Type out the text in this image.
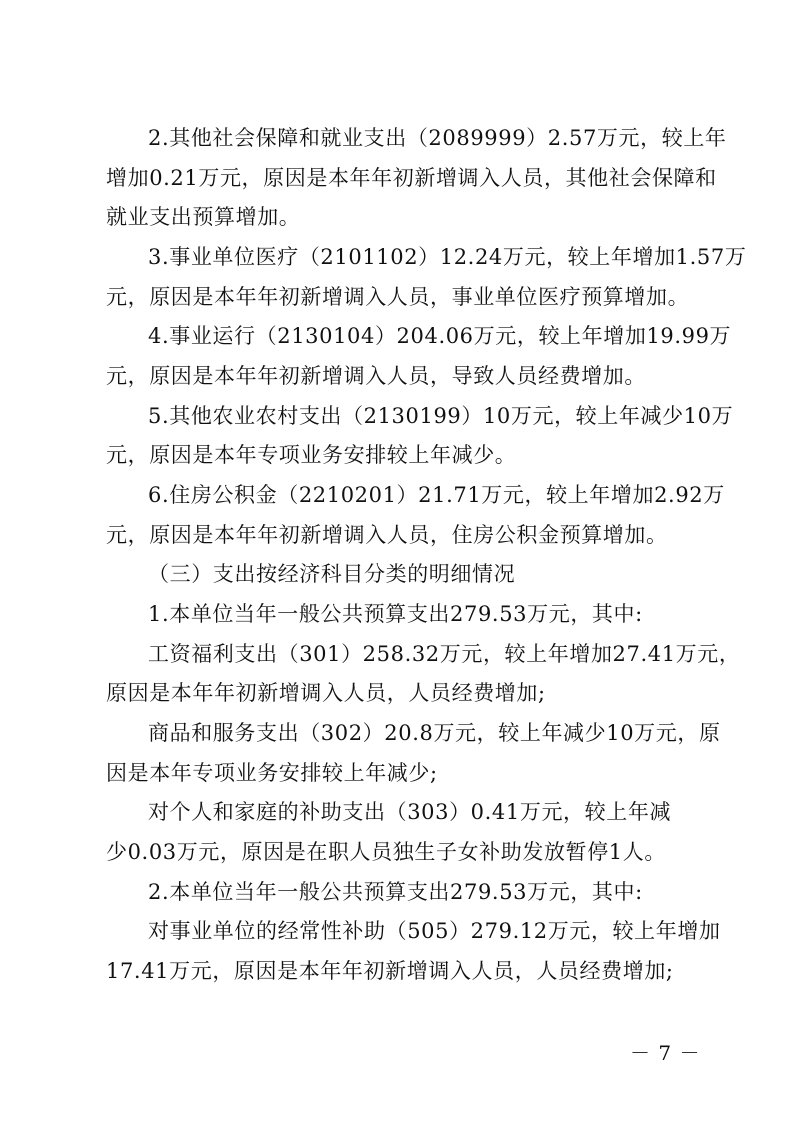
2.其他社会保障和就业支出（2089999）2.57万元，较上年
增加0.21万元，原因是本年年初新增调入人员，其他社会保障和
就业支出预算增加。
3.事业单位医疗（2101102）12.24万元，较上年增加1.57万
元，原因是本年年初新增调入人员，事业单位医疗预算增加。
4.事业运行（2130104）204.06万元，较上年增加19.99万
元，原因是本年年初新增调入人员，导致人员经费增加。
5.其他农业农村支出（2130199）10万元，较上年减少10万
元，原因是本年专项业务安排较上年减少。
6.住房公积金（2210201）21.71万元，较上年增加2.92万
元，原因是本年年初新增调入人员，住房公积金预算增加。
（三）支出按经济科目分类的明细情况
1.本单位当年一般公共预算支出279.53万元，其中:
工资福利支出（301）258.32万元，较上年增加27.41万元，
原因是本年年初新增调入人员，人员经费增加;
商品和服务支出（302）20.8万元，较上年减少10万元，原
因是本年专项业务安排较上年减少;
对个人和家庭的补助支出（303）0.41万元，较上年减
少0.03万元，原因是在职人员独生子女补助发放暂停1人。
2.本单位当年一般公共预算支出279.53万元，其中:
对事业单位的经常性补助（505）279.12万元，较上年增加
17.41万元，原因是本年年初新增调入人员，人员经费增加;
－ 7 －
